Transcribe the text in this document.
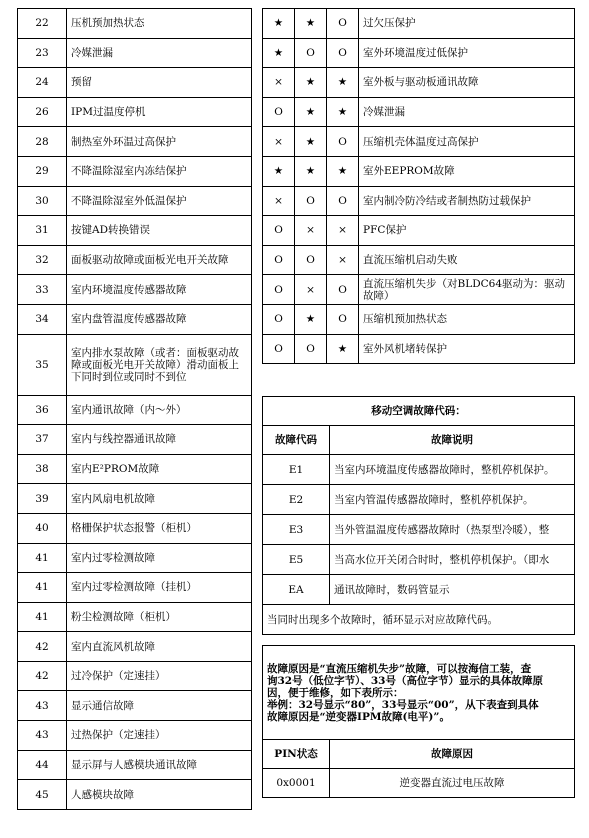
22	压机预加热状态
23	冷媒泄漏
24	预留
26	IPM过温度停机
28	制热室外环温过高保护
29	不降温除湿室内冻结保护
30	不降温除湿室外低温保护
31	按键AD转换错误
32	面板驱动故障或面板光电开关故障
33	室内环境温度传感器故障
34	室内盘管温度传感器故障
35	室内排水泵故障（或者：面板驱动故障或面板光电开关故障）滑动面板上下同时到位或同时不到位
36	室内通讯故障（内～外）
37	室内与线控器通讯故障
38	室内E²PROM故障
39	室内风扇电机故障
40	格栅保护状态报警（柜机）
41	室内过零检测故障
41	室内过零检测故障（挂机）
41	粉尘检测故障（柜机）
42	室内直流风机故障
42	过冷保护（定速挂）
43	显示通信故障
43	过热保护（定速挂）
44	显示屏与人感模块通讯故障
45	人感模块故障
★	★	O	过欠压保护
★	O	O	室外环境温度过低保护
×	★	★	室外板与驱动板通讯故障
O	★	★	冷媒泄漏
×	★	O	压缩机壳体温度过高保护
★	★	★	室外EEPROM故障
×	O	O	室内制冷防冷结或者制热防过载保护
O	×	×	PFC保护
O	O	×	直流压缩机启动失败
O	×	O	直流压缩机失步（对BLDC64驱动为：驱动故障）
O	★	O	压缩机预加热状态
O	O	★	室外风机堵转保护
移动空调故障代码：	
故障代码	故障说明
E1	当室内环境温度传感器故障时，整机停机保护。
E2	当室内管温传感器故障时，整机停机保护。
E3	当外管温温度传感器故障时（热泵型冷暖），整
E5	当高水位开关闭合时时，整机停机保护。（即水
EA	通讯故障时，数码管显示
当同时出现多个故障时，循环显示对应故障代码。	
故障原因是“直流压缩机失步”故障，可以按海信工装，查
询32号（低位字节）、33号（高位字节）显示的具体故障原
因，便于维修，如下表所示：
举例：32号显示“80”，33号显示“00”，从下表查到具体
故障原因是“逆变器IPM故障(电平)”。	

PIN状态	故障原因
0x0001	逆变器直流过电压故障
